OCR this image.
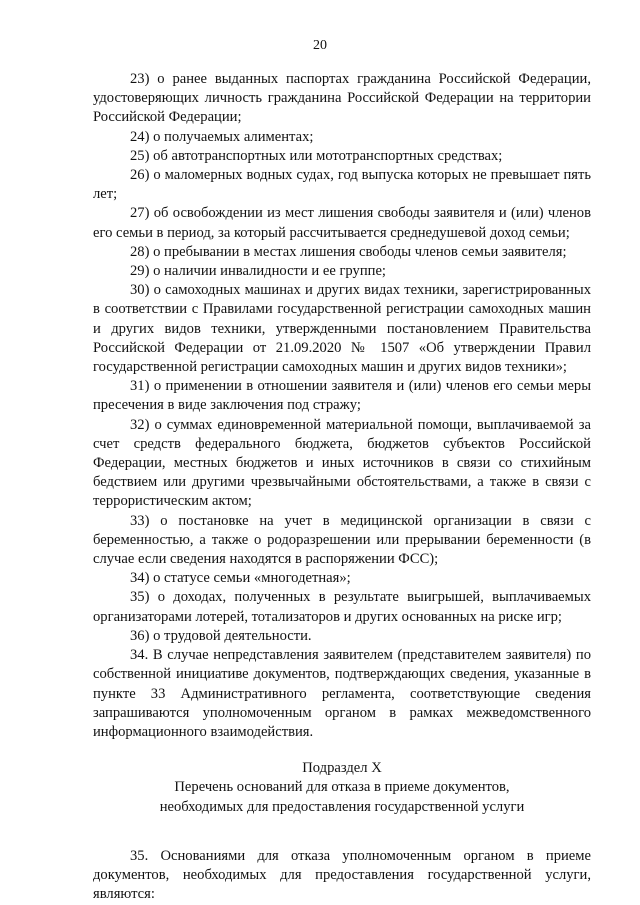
20

23) о ранее выданных паспортах гражданина Российской Федерации, удостоверяющих личность гражданина Российской Федерации на территории Российской Федерации;

24) о получаемых алиментах;

25) об автотранспортных или мототранспортных средствах;

26) о маломерных водных судах, год выпуска которых не превышает пять лет;

27) об освобождении из мест лишения свободы заявителя и (или) членов его семьи в период, за который рассчитывается среднедушевой доход семьи;

28) о пребывании в местах лишения свободы членов семьи заявителя;

29) о наличии инвалидности и ее группе;

30) о самоходных машинах и других видах техники, зарегистрированных в соответствии с Правилами государственной регистрации самоходных машин и других видов техники, утвержденными постановлением Правительства Российской Федерации от 21.09.2020 № 1507 «Об утверждении Правил государственной регистрации самоходных машин и других видов техники»;

31) о применении в отношении заявителя и (или) членов его семьи меры пресечения в виде заключения под стражу;

32) о суммах единовременной материальной помощи, выплачиваемой за счет средств федерального бюджета, бюджетов субъектов Российской Федерации, местных бюджетов и иных источников в связи со стихийным бедствием или другими чрезвычайными обстоятельствами, а также в связи с террористическим актом;

33) о постановке на учет в медицинской организации в связи с беременностью, а также о родоразрешении или прерывании беременности (в случае если сведения находятся в распоряжении ФСС);

34) о статусе семьи «многодетная»;

35) о доходах, полученных в результате выигрышей, выплачиваемых организаторами лотерей, тотализаторов и других основанных на риске игр;

36) о трудовой деятельности.

34. В случае непредставления заявителем (представителем заявителя) по собственной инициативе документов, подтверждающих сведения, указанные в пункте 33 Административного регламента, соответствующие сведения запрашиваются уполномоченным органом в рамках межведомственного информационного взаимодействия.

Подраздел X
Перечень оснований для отказа в приеме документов,
необходимых для предоставления государственной услуги

35. Основаниями для отказа уполномоченным органом в приеме документов, необходимых для предоставления государственной услуги, являются:
